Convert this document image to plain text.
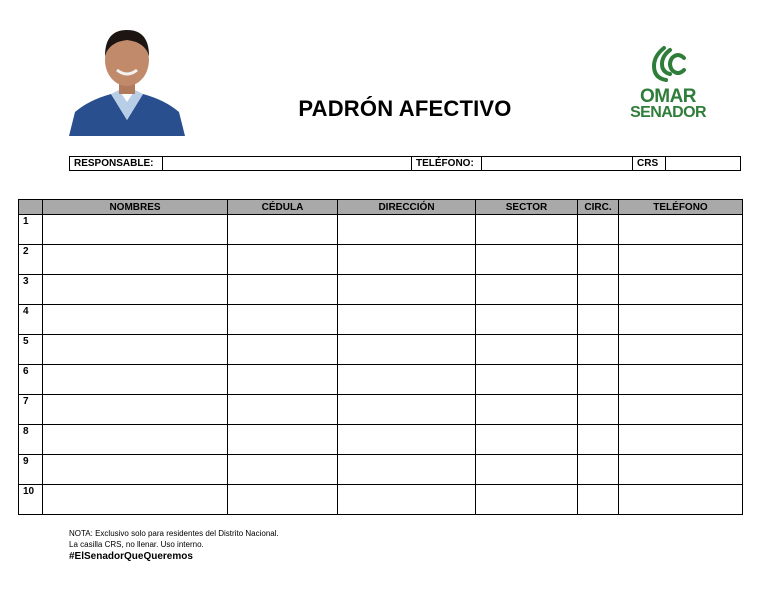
PADRÓN AFECTIVO	OMAR
SENADOR
RESPONSABLE:	TELÉFONO:	CRS
	NOMBRES	CÉDULA	DIRECCIÓN	SECTOR	CIRC.	TELÉFONO
1						
2						
3						
4						
5						
6						
7						
8						
9						
10						
NOTA: Exclusivo solo para residentes del Distrito Nacional.
La casilla CRS, no llenar. Uso interno.
#ElSenadorQueQueremos
